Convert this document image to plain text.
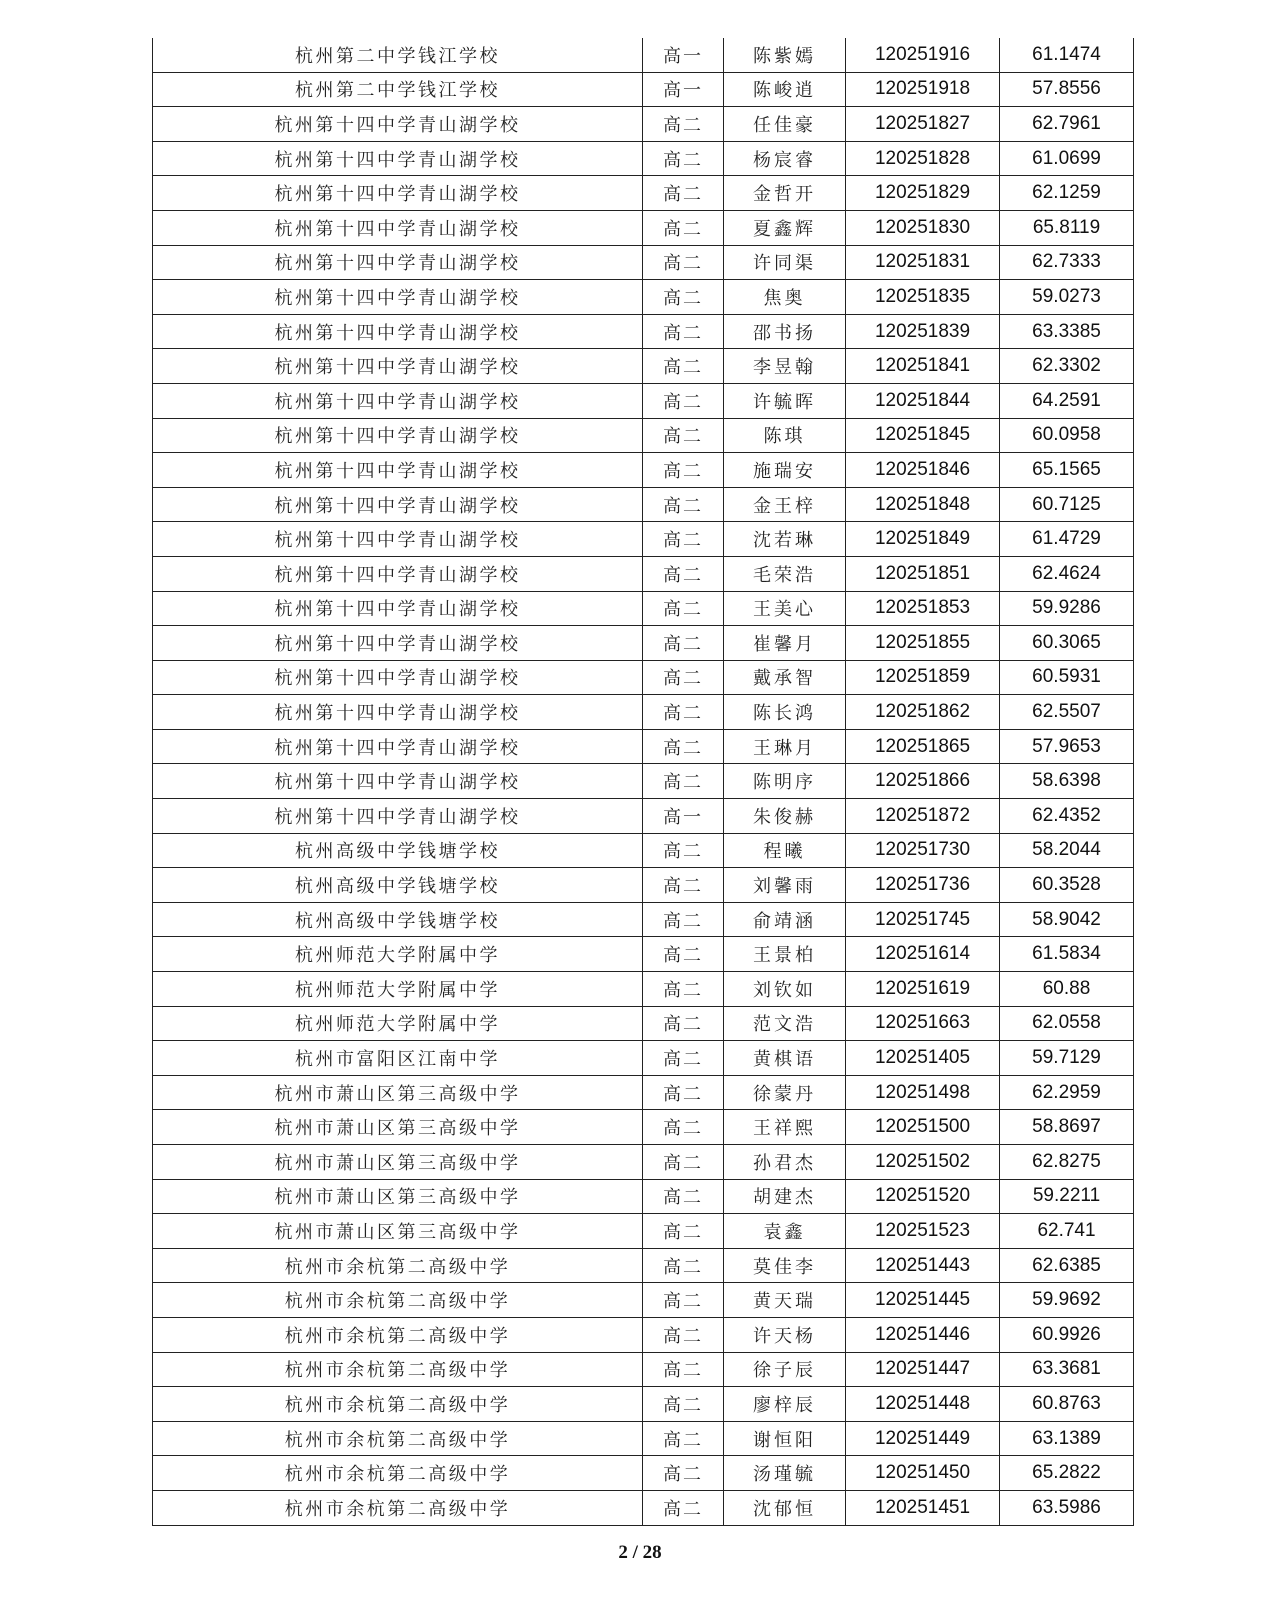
杭州第二中学钱江学校	高一	陈紫嫣	120251916	61.1474
杭州第二中学钱江学校	高一	陈峻逍	120251918	57.8556
杭州第十四中学青山湖学校	高二	任佳豪	120251827	62.7961
杭州第十四中学青山湖学校	高二	杨宸睿	120251828	61.0699
杭州第十四中学青山湖学校	高二	金哲开	120251829	62.1259
杭州第十四中学青山湖学校	高二	夏鑫辉	120251830	65.8119
杭州第十四中学青山湖学校	高二	许同渠	120251831	62.7333
杭州第十四中学青山湖学校	高二	焦奥	120251835	59.0273
杭州第十四中学青山湖学校	高二	邵书扬	120251839	63.3385
杭州第十四中学青山湖学校	高二	李昱翰	120251841	62.3302
杭州第十四中学青山湖学校	高二	许毓晖	120251844	64.2591
杭州第十四中学青山湖学校	高二	陈琪	120251845	60.0958
杭州第十四中学青山湖学校	高二	施瑞安	120251846	65.1565
杭州第十四中学青山湖学校	高二	金王梓	120251848	60.7125
杭州第十四中学青山湖学校	高二	沈若琳	120251849	61.4729
杭州第十四中学青山湖学校	高二	毛荣浩	120251851	62.4624
杭州第十四中学青山湖学校	高二	王美心	120251853	59.9286
杭州第十四中学青山湖学校	高二	崔馨月	120251855	60.3065
杭州第十四中学青山湖学校	高二	戴承智	120251859	60.5931
杭州第十四中学青山湖学校	高二	陈长鸿	120251862	62.5507
杭州第十四中学青山湖学校	高二	王琳月	120251865	57.9653
杭州第十四中学青山湖学校	高二	陈明序	120251866	58.6398
杭州第十四中学青山湖学校	高一	朱俊赫	120251872	62.4352
杭州高级中学钱塘学校	高二	程曦	120251730	58.2044
杭州高级中学钱塘学校	高二	刘馨雨	120251736	60.3528
杭州高级中学钱塘学校	高二	俞靖涵	120251745	58.9042
杭州师范大学附属中学	高二	王景柏	120251614	61.5834
杭州师范大学附属中学	高二	刘钦如	120251619	60.88
杭州师范大学附属中学	高二	范文浩	120251663	62.0558
杭州市富阳区江南中学	高二	黄棋语	120251405	59.7129
杭州市萧山区第三高级中学	高二	徐蒙丹	120251498	62.2959
杭州市萧山区第三高级中学	高二	王祥熙	120251500	58.8697
杭州市萧山区第三高级中学	高二	孙君杰	120251502	62.8275
杭州市萧山区第三高级中学	高二	胡建杰	120251520	59.2211
杭州市萧山区第三高级中学	高二	袁鑫	120251523	62.741
杭州市余杭第二高级中学	高二	莫佳李	120251443	62.6385
杭州市余杭第二高级中学	高二	黄天瑞	120251445	59.9692
杭州市余杭第二高级中学	高二	许天杨	120251446	60.9926
杭州市余杭第二高级中学	高二	徐子辰	120251447	63.3681
杭州市余杭第二高级中学	高二	廖梓辰	120251448	60.8763
杭州市余杭第二高级中学	高二	谢恒阳	120251449	63.1389
杭州市余杭第二高级中学	高二	汤瑾毓	120251450	65.2822
杭州市余杭第二高级中学	高二	沈郁恒	120251451	63.5986
2 / 28
